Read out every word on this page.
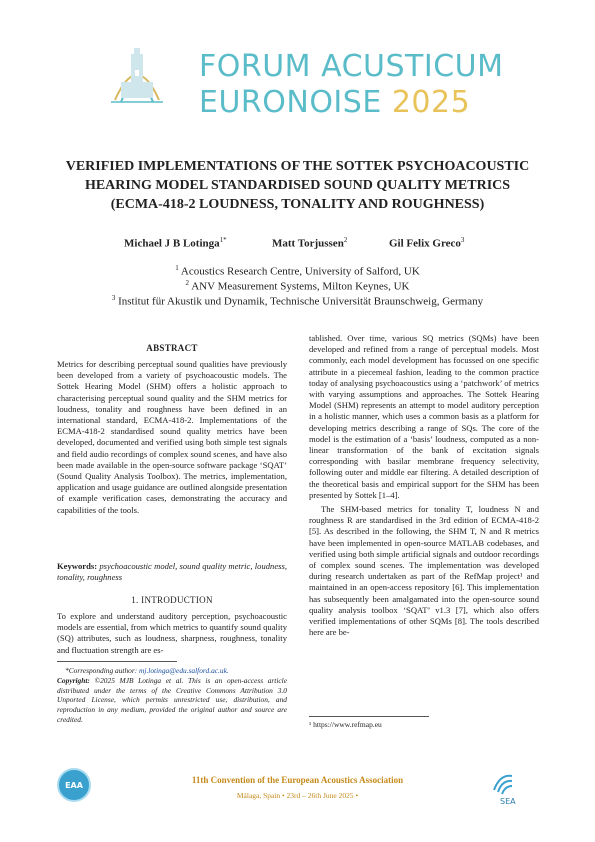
FORUM ACUSTICUM
EURONOISE 2025
VERIFIED IMPLEMENTATIONS OF THE SOTTEK PSYCHOACOUSTIC
HEARING MODEL STANDARDISED SOUND QUALITY METRICS
(ECMA-418-2 LOUDNESS, TONALITY AND ROUGHNESS)
Michael J B Lotinga$^{1*}$	Matt Torjussen$^2$	Gil Felix Greco$^3$
$^1$ Acoustics Research Centre, University of Salford, UK
$^2$ ANV Measurement Systems, Milton Keynes, UK
$^3$ Institut für Akustik und Dynamik, Technische Universität Braunschweig, Germany
ABSTRACT

Metrics for describing perceptual sound qualities have previously been developed from a variety of psychoacoustic models. The Sottek Hearing Model (SHM) offers a holistic approach to characterising perceptual sound quality and the SHM metrics for loudness, tonality and roughness have been defined in an international standard, ECMA-418-2. Implementations of the ECMA-418-2 standardised sound quality metrics have been developed, documented and verified using both simple test signals and field audio recordings of complex sound scenes, and have also been made available in the open-source software package ‘SQAT’ (Sound Quality Analysis Toolbox). The metrics, implementation, application and usage guidance are outlined alongside presentation of example verification cases, demonstrating the accuracy and capabilities of the tools.

Keywords: psychoacoustic model, sound quality metric, loudness, tonality, roughness

1. INTRODUCTION

To explore and understand auditory perception, psychoacoustic models are essential, from which metrics to quantify sound quality (SQ) attributes, such as loudness, sharpness, roughness, tonality and fluctuation strength are es-

*Corresponding author: mj.lotinga@edu.salford.ac.uk.

Copyright: ©2025 MJB Lotinga et al. This is an open-access article distributed under the terms of the Creative Commons Attribution 3.0 Unported License, which permits unrestricted use, distribution, and reproduction in any medium, provided the original author and source are credited.

tablished. Over time, various SQ metrics (SQMs) have been developed and refined from a range of perceptual models. Most commonly, each model development has focussed on one specific attribute in a piecemeal fashion, leading to the common practice today of analysing psychoacoustics using a ‘patchwork’ of metrics with varying assumptions and approaches. The Sottek Hearing Model (SHM) represents an attempt to model auditory perception in a holistic manner, which uses a common basis as a platform for developing metrics describing a range of SQs. The core of the model is the estimation of a ‘basis’ loudness, computed as a non-linear transformation of the bank of excitation signals corresponding with basilar membrane frequency selectivity, following outer and middle ear filtering. A detailed description of the theoretical basis and empirical support for the SHM has been presented by Sottek [1–4].

The SHM-based metrics for tonality T, loudness N and roughness R are standardised in the 3rd edition of ECMA-418-2 [5]. As described in the following, the SHM T, N and R metrics have been implemented in open-source MATLAB codebases, and verified using both simple artificial signals and outdoor recordings of complex sound scenes. The implementation was developed during research undertaken as part of the RefMap project¹ and maintained in an open-access repository [6]. This implementation has subsequently been amalgamated into the open-source sound quality analysis toolbox ‘SQAT’ v1.3 [7], which also offers verified implementations of other SQMs [8]. The tools described here are be-

¹ https://www.refmap.eu
EAA	11th Convention of the European Acoustics Association
Málaga, Spain • 23rd – 26th June 2025 •
SEA
